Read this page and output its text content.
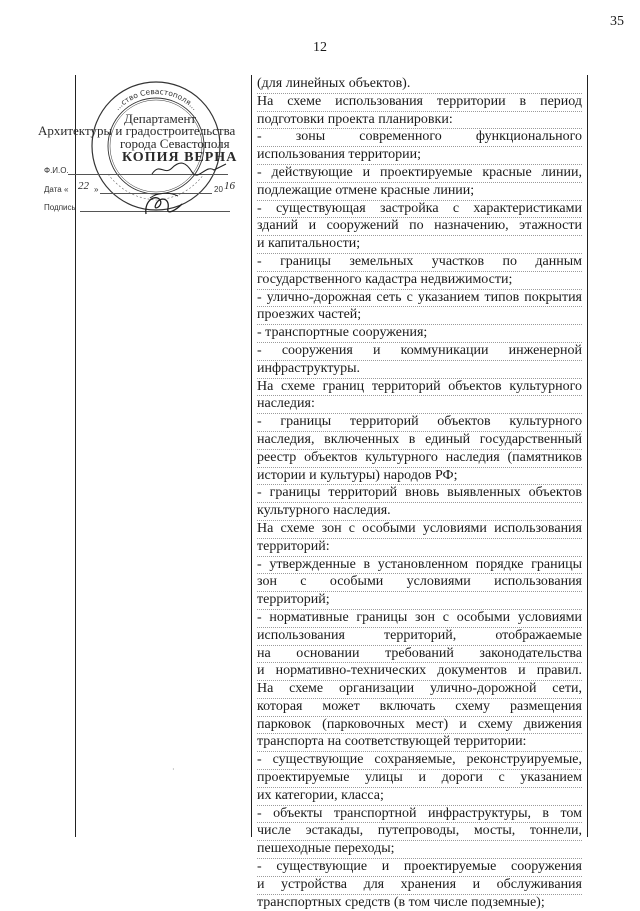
35
12
…ство Севастополя…
Департамент
Архитектуры и градостроительства
города Севастополя
КОПИЯ ВЕРНА
Ф.И.О.
Дата « 22 »	20 16
Подпись
·
(для линейных объектов).
На схеме использования территории в период
подготовки проекта планировки:
- зоны современного функционального
использования территории;
- действующие и проектируемые красные линии,
подлежащие отмене красные линии;
- существующая застройка с характеристиками
зданий и сооружений по назначению, этажности
и капитальности;
- границы земельных участков по данным
государственного кадастра недвижимости;
- улично-дорожная сеть с указанием типов покрытия
проезжих частей;
- транспортные сооружения;
- сооружения и коммуникации инженерной
инфраструктуры.
На схеме границ территорий объектов культурного
наследия:
- границы территорий объектов культурного
наследия, включенных в единый государственный
реестр объектов культурного наследия (памятников
истории и культуры) народов РФ;
- границы территорий вновь выявленных объектов
культурного наследия.
На схеме зон с особыми условиями использования
территорий:
- утвержденные в установленном порядке границы
зон с особыми условиями использования
территорий;
- нормативные границы зон с особыми условиями
использования территорий, отображаемые
на основании требований законодательства
и нормативно-технических документов и правил.
На схеме организации улично-дорожной сети,
которая может включать схему размещения
парковок (парковочных мест) и схему движения
транспорта на соответствующей территории:
- существующие сохраняемые, реконструируемые,
проектируемые улицы и дороги с указанием
их категории, класса;
- объекты транспортной инфраструктуры, в том
числе эстакады, путепроводы, мосты, тоннели,
пешеходные переходы;
- существующие и проектируемые сооружения
и устройства для хранения и обслуживания
транспортных средств (в том числе подземные);
